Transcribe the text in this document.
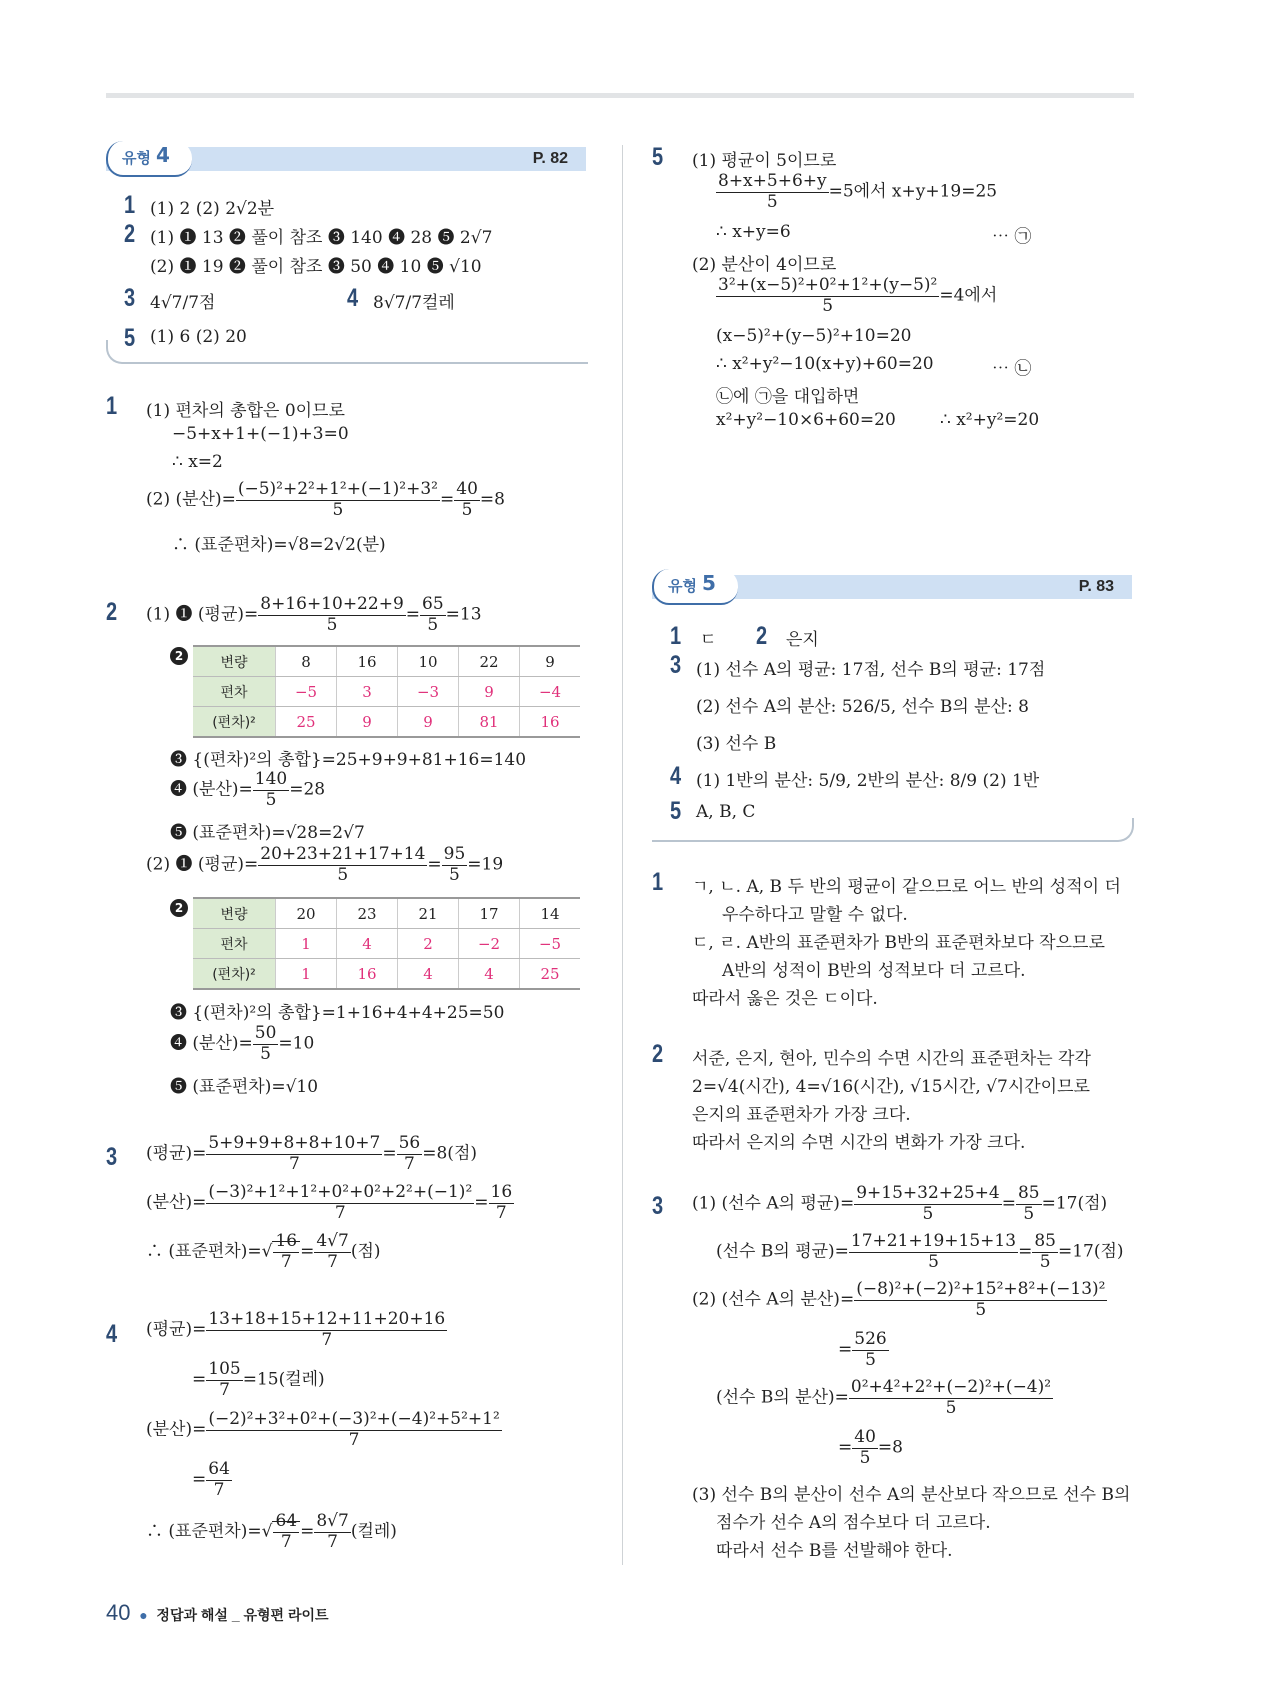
유형 4	P. 82
1 (1) 2 (2) 2√2분
2 (1) ❶ 13 ❷ 풀이 참조 ❸ 140 ❹ 28 ❺ 2√7
(2) ❶ 19 ❷ 풀이 참조 ❸ 50 ❹ 10 ❺ √10
3 4√7/7점	4 8√7/7컬레
5 (1) 6 (2) 20
1 (1) 편차의 총합은 0이므로
−5+x+1+(−1)+3=0
∴ x=2
(2) (분산)= $\frac{\text{(−5)²+2²+1²+(−1)²+3²}}{5} = \frac{40}{5} =8$
∴ (표준편차)=√8=2√2(분)
2 (1) ❶ (평균)= $\frac{8+16+10+22+9}{5} = \frac{65}{5} =13$
2	변량	8	16	10	22	9
편차	−5	3	−3	9	−4
(편차)²	25	9	9	81	16
❸ {(편차)²의 총합}=25+9+9+81+16=140
❹ (분산)= $\frac{140}{5} =28$
❺ (표준편차)=√28=2√7
(2) ❶ (평균)= $\frac{20+23+21+17+14}{5} = \frac{95}{5} =19$
2	변량	20	23	21	17	14
편차	1	4	2	−2	−5
(편차)²	1	16	4	4	25
❸ {(편차)²의 총합}=1+16+4+4+25=50
❹ (분산)= $\frac{50}{5} =10$
❺ (표준편차)=√10
3 (평균)= $\frac{5+9+9+8+8+10+7}{7} = \frac{56}{7} =8$(점)
(분산)= $\frac{\text{(−3)²+1²+1²+0²+0²+2²+(−1)²}}{7} = \frac{16}{7}$
∴ (표준편차)=√ $\frac{16}{7} = \frac{4√7}{7}$ (점)
4 (평균)= $\frac{13+18+15+12+11+20+16}{7}$
= $\frac{105}{7} =15$(컬레)
(분산)= $\frac{\text{(−2)²+3²+0²+(−3)²+(−4)²+5²+1²}}{7}$
= $\frac{64}{7}$
∴ (표준편차)=√ $\frac{64}{7} = \frac{8√7}{7}$ (컬레)
5 (1) 평균이 5이므로
$\frac{8+x+5+6+y}{5} =5$에서 x+y+19=25
∴ x+y=6	⋯ ㉠
(2) 분산이 4이므로
$\frac{\text{3²+(x−5)²+0²+1²+(y−5)²}}{5} =4$에서
(x−5)²+(y−5)²+10=20
∴ x²+y²−10(x+y)+60=20	⋯ ㉡
㉡에 ㉠을 대입하면
x²+y²−10×6+60=20	∴ x²+y²=20
유형 5	P. 83
1 ㄷ 2 은지
3 (1) 선수 A의 평균: 17점, 선수 B의 평균: 17점
(2) 선수 A의 분산: 526/5, 선수 B의 분산: 8
(3) 선수 B
4 (1) 1반의 분산: 5/9, 2반의 분산: 8/9 (2) 1반
5 A, B, C
1 ㄱ, ㄴ. A, B 두 반의 평균이 같으므로 어느 반의 성적이 더
우수하다고 말할 수 없다.
ㄷ, ㄹ. A반의 표준편차가 B반의 표준편차보다 작으므로
A반의 성적이 B반의 성적보다 더 고르다.
따라서 옳은 것은 ㄷ이다.
2 서준, 은지, 현아, 민수의 수면 시간의 표준편차는 각각
2=√4(시간), 4=√16(시간), √15시간, √7시간이므로
은지의 표준편차가 가장 크다.
따라서 은지의 수면 시간의 변화가 가장 크다.
3 (1) (선수 A의 평균)= $\frac{9+15+32+25+4}{5} = \frac{85}{5} =17$(점)
(선수 B의 평균)= $\frac{17+21+19+15+13}{5} = \frac{85}{5} =17$(점)
(2) (선수 A의 분산)= $\frac{\text{(−8)²+(−2)²+15²+8²+(−13)²}}{5}$
= $\frac{526}{5}$
(선수 B의 분산)= $\frac{\text{0²+4²+2²+(−2)²+(−4)²}}{5}$
= $\frac{40}{5} =8$
(3) 선수 B의 분산이 선수 A의 분산보다 작으므로 선수 B의
점수가 선수 A의 점수보다 더 고르다.
따라서 선수 B를 선발해야 한다.
40 ● 정답과 해설 _ 유형편 라이트
